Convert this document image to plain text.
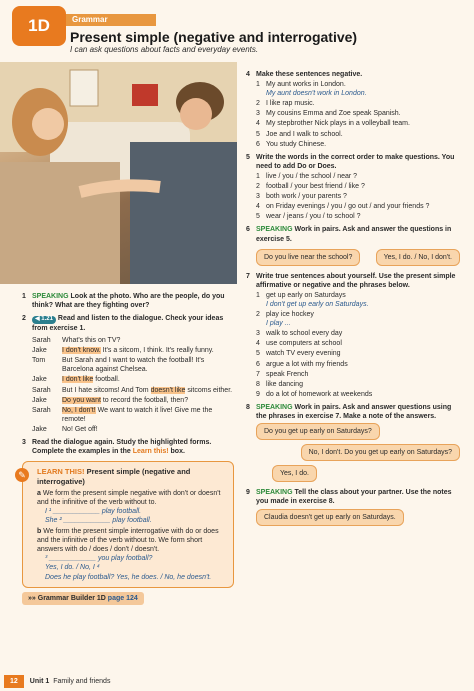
1D	Grammar
Present simple (negative and interrogative)
I can ask questions about facts and everyday events.
1 SPEAKING Look at the photo. Who are the people, do you think? What are they fighting over?
2 ◀ 1.21 Read and listen to the dialogue. Check your ideas from exercise 1.
Sarah	What's this on TV?
Jake	I don't know. It's a sitcom, I think. It's really funny.
Tom	But Sarah and I want to watch the football! It's Barcelona against Chelsea.
Jake	I don't like football.
Sarah	But I hate sitcoms! And Tom doesn't like sitcoms either.
Jake	Do you want to record the football, then?
Sarah	No, I don't! We want to watch it live! Give me the remote!
Jake	No! Get off!
3 Read the dialogue again. Study the highlighted forms. Complete the examples in the Learn this! box.
✎	LEARN THIS! Present simple (negative and interrogative)
a We form the present simple negative with don't or doesn't and the infinitive of the verb without to.
I ¹ ____________ play football.
She ² ____________ play football.
b We form the present simple interrogative with do or does and the infinitive of the verb without to. We form short answers with do / does / don't / doesn't.
³ ____________ you play football?
Yes, I do. / No, I ⁴
Does he play football? Yes, he does. / No, he doesn't.
»» Grammar Builder 1D page 124
4 Make these sentences negative.
1 My aunt works in London.
My aunt doesn't work in London.
2 I like rap music.
3 My cousins Emma and Zoe speak Spanish.
4 My stepbrother Nick plays in a volleyball team.
5 Joe and I walk to school.
6 You study Chinese.
5 Write the words in the correct order to make questions. You need to add Do or Does.
1 live / you / the school / near ?
2 football / your best friend / like ?
3 both work / your parents ?
4 on Friday evenings / you / go out / and your friends ?
5 wear / jeans / you / to school ?
6 SPEAKING Work in pairs. Ask and answer the questions in exercise 5.
Do you live near the school?	Yes, I do. / No, I don't.
7 Write true sentences about yourself. Use the present simple affirmative or negative and the phrases below.
1 get up early on Saturdays
I don't get up early on Saturdays.
2 play ice hockey
I play ...
3 walk to school every day
4 use computers at school
5 watch TV every evening
6 argue a lot with my friends
7 speak French
8 like dancing
9 do a lot of homework at weekends
8 SPEAKING Work in pairs. Ask and answer questions using the phrases in exercise 7. Make a note of the answers.
Do you get up early on Saturdays?
No, I don't. Do you get up early on Saturdays?
Yes, I do.
9 SPEAKING Tell the class about your partner. Use the notes you made in exercise 8.
Claudia doesn't get up early on Saturdays.
12	Unit 1 Family and friends
